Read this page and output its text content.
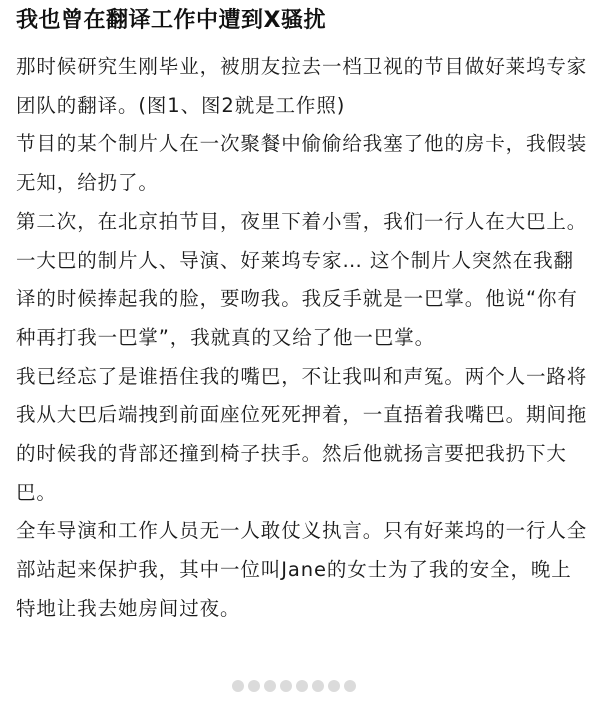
我也曾在翻译工作中遭到X骚扰

那时候研究生刚毕业，被朋友拉去一档卫视的节目做好莱坞专家团队的翻译。(图1、图2就是工作照)

节目的某个制片人在一次聚餐中偷偷给我塞了他的房卡，我假装无知，给扔了。

第二次，在北京拍节目，夜里下着小雪，我们一行人在大巴上。一大巴的制片人、导演、好莱坞专家… 这个制片人突然在我翻译的时候捧起我的脸，要吻我。我反手就是一巴掌。他说“你有种再打我一巴掌”，我就真的又给了他一巴掌。

我已经忘了是谁捂住我的嘴巴，不让我叫和声冤。两个人一路将我从大巴后端拽到前面座位死死押着，一直捂着我嘴巴。期间拖的时候我的背部还撞到椅子扶手。然后他就扬言要把我扔下大巴。

全车导演和工作人员无一人敢仗义执言。只有好莱坞的一行人全部站起来保护我，其中一位叫Jane的女士为了我的安全，晚上特地让我去她房间过夜。
